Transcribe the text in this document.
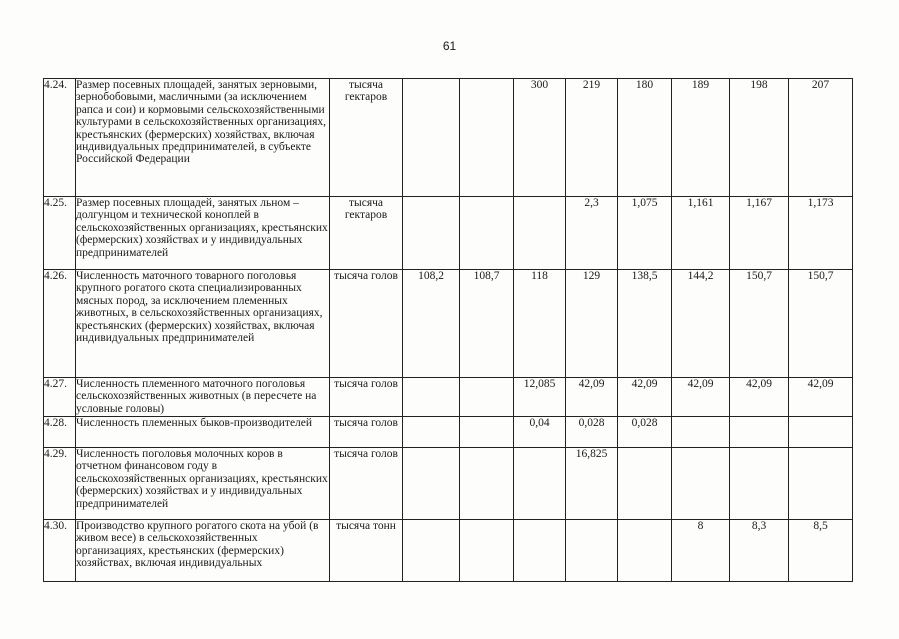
61
4.24.	Размер посевных площадей, занятых зерновыми, зернобобовыми, масличными (за исключением рапса и сои) и кормовыми сельскохозяйственными культурами в сельскохозяйственных организациях, крестьянских (фермерских) хозяйствах, включая индивидуальных предпринимателей, в субъекте Российской Федерации	тысяча гектаров			300	219	180	189	198	207
4.25.	Размер посевных площадей, занятых льном – долгунцом и технической коноплей в сельскохозяйственных организациях, крестьянских (фермерских) хозяйствах и у индивидуальных предпринимателей	тысяча гектаров				2,3	1,075	1,161	1,167	1,173
4.26.	Численность маточного товарного поголовья крупного рогатого скота специализированных мясных пород, за исключением племенных животных, в сельскохозяйственных организациях, крестьянских (фермерских) хозяйствах, включая индивидуальных предпринимателей	тысяча голов	108,2	108,7	118	129	138,5	144,2	150,7	150,7
4.27.	Численность племенного маточного поголовья сельскохозяйственных животных (в пересчете на условные головы)	тысяча голов			12,085	42,09	42,09	42,09	42,09	42,09
4.28.	Численность племенных быков-производителей	тысяча голов			0,04	0,028	0,028			
4.29.	Численность поголовья молочных коров в отчетном финансовом году в сельскохозяйственных организациях, крестьянских (фермерских) хозяйствах и у индивидуальных предпринимателей	тысяча голов				16,825				
4.30.	Производство крупного рогатого скота на убой (в живом весе) в сельскохозяйственных организациях, крестьянских (фермерских) хозяйствах, включая индивидуальных	тысяча тонн						8	8,3	8,5
